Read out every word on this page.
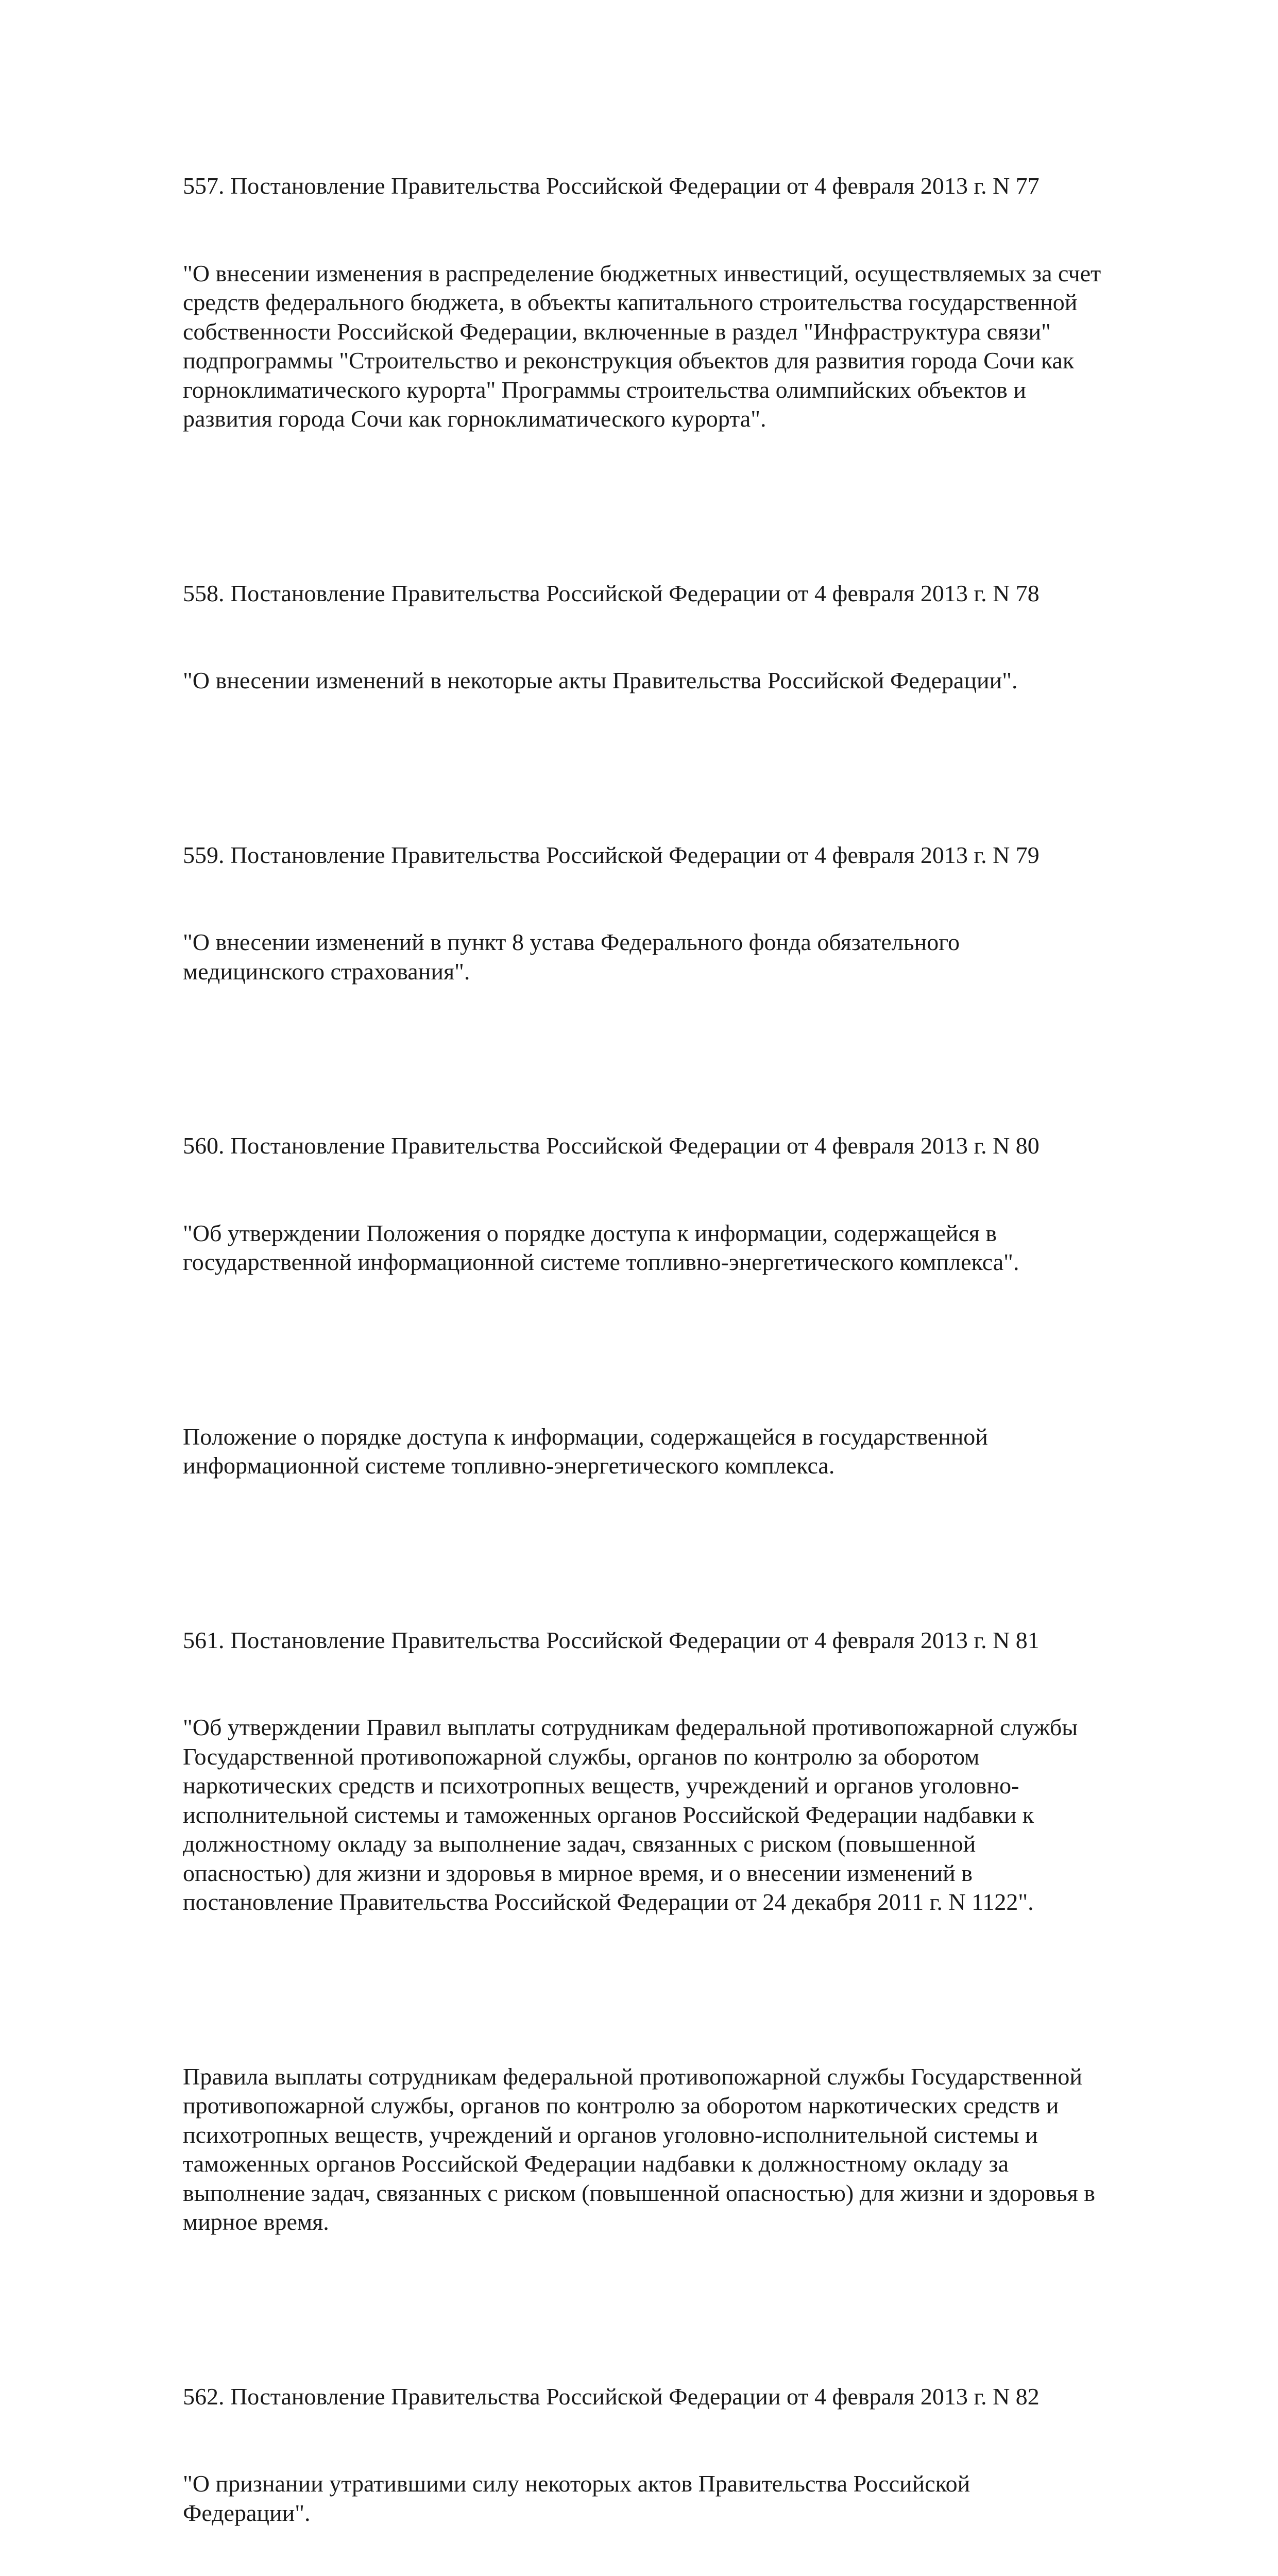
557. Постановление Правительства Российской Федерации от 4 февраля 2013 г. N 77

"О внесении изменения в распределение бюджетных инвестиций, осуществляемых за счет
средств федерального бюджета, в объекты капитального строительства государственной
собственности Российской Федерации, включенные в раздел "Инфраструктура связи"
подпрограммы "Строительство и реконструкция объектов для развития города Сочи как
горноклиматического курорта" Программы строительства олимпийских объектов и
развития города Сочи как горноклиматического курорта".

558. Постановление Правительства Российской Федерации от 4 февраля 2013 г. N 78

"О внесении изменений в некоторые акты Правительства Российской Федерации".

559. Постановление Правительства Российской Федерации от 4 февраля 2013 г. N 79

"О внесении изменений в пункт 8 устава Федерального фонда обязательного
медицинского страхования".

560. Постановление Правительства Российской Федерации от 4 февраля 2013 г. N 80

"Об утверждении Положения о порядке доступа к информации, содержащейся в
государственной информационной системе топливно-энергетического комплекса".

Положение о порядке доступа к информации, содержащейся в государственной
информационной системе топливно-энергетического комплекса.

561. Постановление Правительства Российской Федерации от 4 февраля 2013 г. N 81

"Об утверждении Правил выплаты сотрудникам федеральной противопожарной службы
Государственной противопожарной службы, органов по контролю за оборотом
наркотических средств и психотропных веществ, учреждений и органов уголовно-
исполнительной системы и таможенных органов Российской Федерации надбавки к
должностному окладу за выполнение задач, связанных с риском (повышенной
опасностью) для жизни и здоровья в мирное время, и о внесении изменений в
постановление Правительства Российской Федерации от 24 декабря 2011 г. N 1122".

Правила выплаты сотрудникам федеральной противопожарной службы Государственной
противопожарной службы, органов по контролю за оборотом наркотических средств и
психотропных веществ, учреждений и органов уголовно-исполнительной системы и
таможенных органов Российской Федерации надбавки к должностному окладу за
выполнение задач, связанных с риском (повышенной опасностью) для жизни и здоровья в
мирное время.

562. Постановление Правительства Российской Федерации от 4 февраля 2013 г. N 82

"О признании утратившими силу некоторых актов Правительства Российской
Федерации".
